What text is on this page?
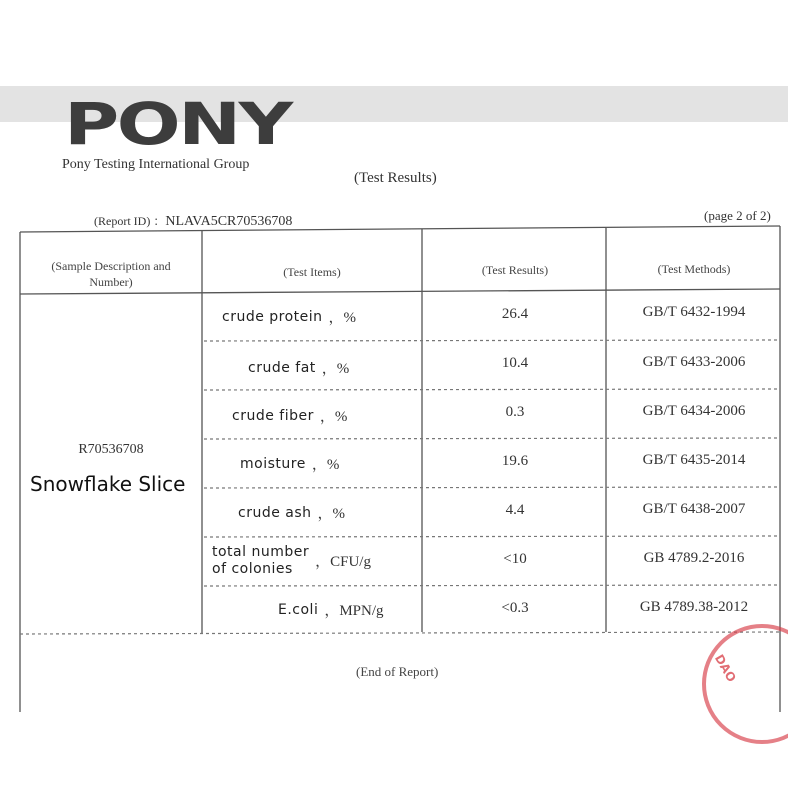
PONY
Pony Testing International Group
(Test Results)
(Report ID) ：NLAVA5CR70536708	(page 2 of 2)
(Sample Description and
Number)
(Test Items)	(Test Results)	(Test Methods)
R70536708
crude protein ，%	26.4	GB/T 6432-1994
crude fat ，%	10.4	GB/T 6433-2006
crude fiber ，%	0.3	GB/T 6434-2006
moisture ，%	19.6	GB/T 6435-2014
crude ash ，%	4.4	GB/T 6438-2007
total number
of colonies	，CFU/g	<10	GB 4789.2-2016
E.coli ，MPN/g	<0.3	GB 4789.38-2012
Snowflake Slice
(End of Report)	DAO
